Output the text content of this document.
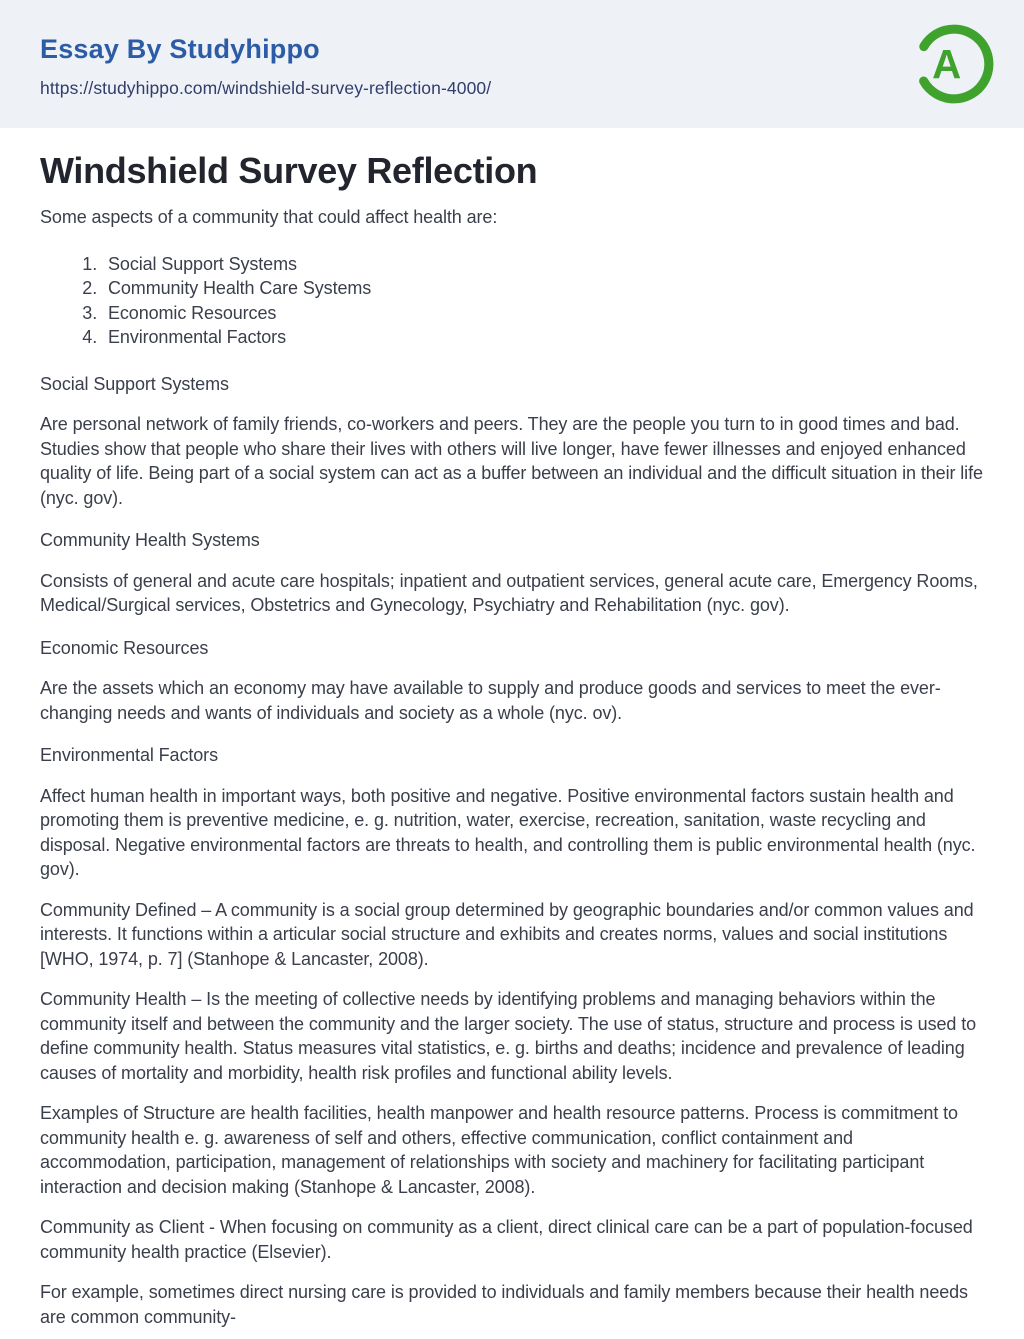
Essay By Studyhippo
https://studyhippo.com/windshield-survey-reflection-4000/
A
Windshield Survey Reflection

Some aspects of a community that could affect health are:

1. Social Support Systems
2. Community Health Care Systems
3. Economic Resources
4. Environmental Factors

Social Support Systems

Are personal network of family friends, co-workers and peers. They are the people you turn to in good times and bad. Studies show that people who share their lives with others will live longer, have fewer illnesses and enjoyed enhanced quality of life. Being part of a social system can act as a buffer between an individual and the difficult situation in their life (nyc. gov).

Community Health Systems

Consists of general and acute care hospitals; inpatient and outpatient services, general acute care, Emergency Rooms, Medical/Surgical services, Obstetrics and Gynecology, Psychiatry and Rehabilitation (nyc. gov).

Economic Resources

Are the assets which an economy may have available to supply and produce goods and services to meet the ever-changing needs and wants of individuals and society as a whole (nyc. ov).

Environmental Factors

Affect human health in important ways, both positive and negative. Positive environmental factors sustain health and promoting them is preventive medicine, e. g. nutrition, water, exercise, recreation, sanitation, waste recycling and disposal. Negative environmental factors are threats to health, and controlling them is public environmental health (nyc. gov).

Community Defined – A community is a social group determined by geographic boundaries and/or common values and interests. It functions within a articular social structure and exhibits and creates norms, values and social institutions [WHO, 1974, p. 7] (Stanhope & Lancaster, 2008).

Community Health – Is the meeting of collective needs by identifying problems and managing behaviors within the community itself and between the community and the larger society. The use of status, structure and process is used to define community health. Status measures vital statistics, e. g. births and deaths; incidence and prevalence of leading causes of mortality and morbidity, health risk profiles and functional ability levels.

Examples of Structure are health facilities, health manpower and health resource patterns. Process is commitment to community health e. g. awareness of self and others, effective communication, conflict containment and accommodation, participation, management of relationships with society and machinery for facilitating participant interaction and decision making (Stanhope & Lancaster, 2008).

Community as Client - When focusing on community as a client, direct clinical care can be a part of population-focused community health practice (Elsevier).

For example, sometimes direct nursing care is provided to individuals and family members because their health needs are common community-
